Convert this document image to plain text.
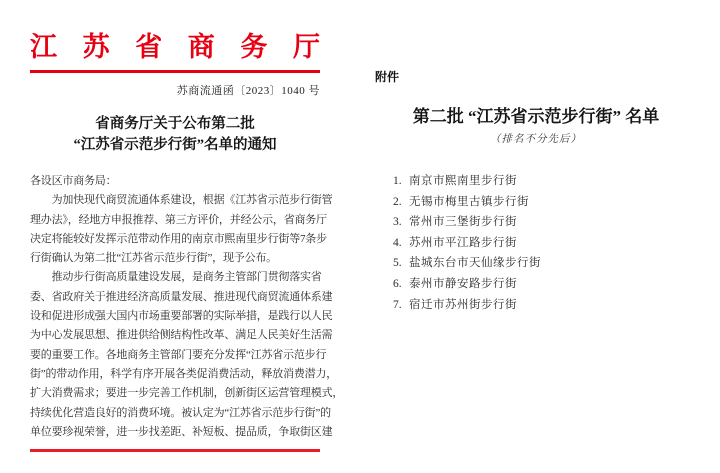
江苏省商务厅
苏商流通函〔2023〕1040 号
省商务厅关于公布第二批
“江苏省示范步行街”名单的通知
各设区市商务局：
　　为加快现代商贸流通体系建设，根据《江苏省示范步行街管
理办法》，经地方申报推荐、第三方评价，并经公示，省商务厅
决定将能较好发挥示范带动作用的南京市熙南里步行街等7条步
行街确认为第二批“江苏省示范步行街”，现予公布。
　　推动步行街高质量建设发展，是商务主管部门贯彻落实省
委、省政府关于推进经济高质量发展、推进现代商贸流通体系建
设和促进形成强大国内市场重要部署的实际举措，是践行以人民
为中心发展思想、推进供给侧结构性改革、满足人民美好生活需
要的重要工作。各地商务主管部门要充分发挥“江苏省示范步行
街”的带动作用，科学有序开展各类促消费活动，释放消费潜力，
扩大消费需求；要进一步完善工作机制，创新街区运营管理模式，
持续优化营造良好的消费环境。被认定为“江苏省示范步行街”的
单位要珍视荣誉，进一步找差距、补短板、提品质，争取街区建
附件
第二批 “江苏省示范步行街” 名单
（排名不分先后）
1. 南京市熙南里步行街
2. 无锡市梅里古镇步行街
3. 常州市三堡街步行街
4. 苏州市平江路步行街
5. 盐城东台市天仙缘步行街
6. 泰州市静安路步行街
7. 宿迁市苏州街步行街
